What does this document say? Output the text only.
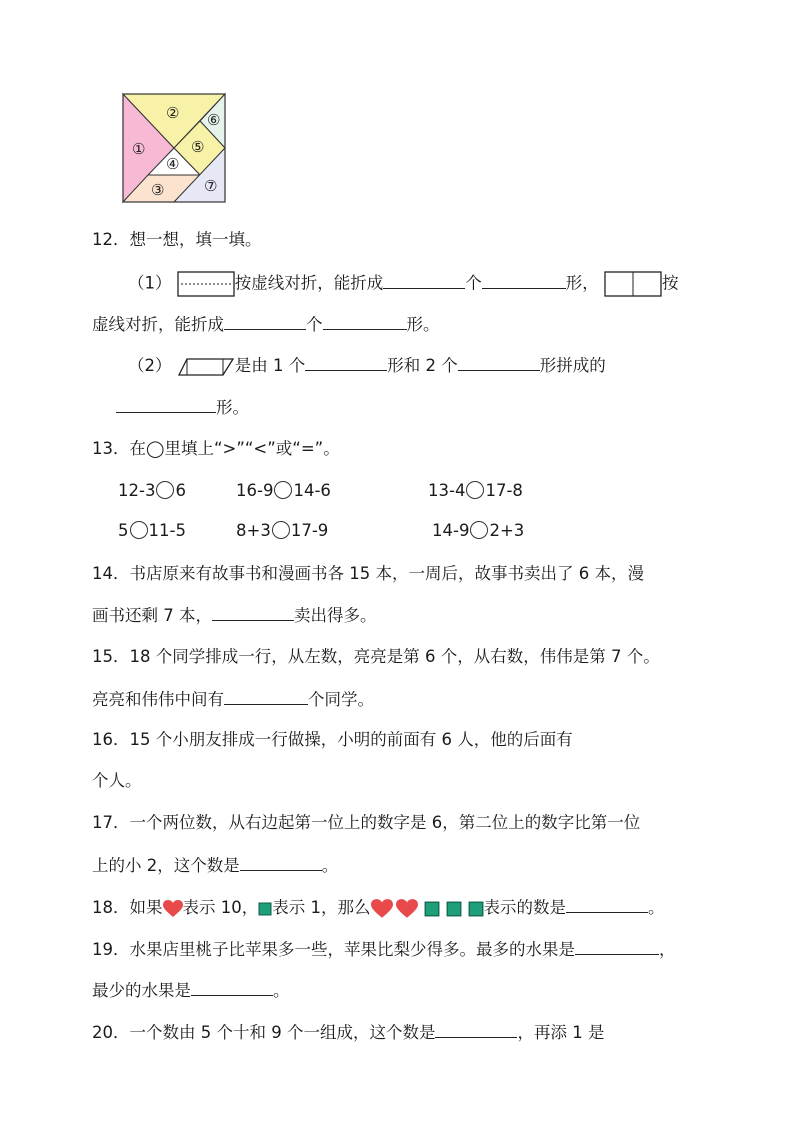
①
② ⑥
④
⑤
③	⑦
12．想一想，填一填。
（1）	按虚线对折，能折成	个	形，	按
虚线对折，能折成	个	形。
（2）	是由 1 个	形和 2 个	形拼成的
形。
13．在◯里填上“>”“<”或“=”。
12-3 6	16-9 14-6	13-4 17-8
5 11-5	8+3 17-9	14-9 2+3
14．书店原来有故事书和漫画书各 15 本，一周后，故事书卖出了 6 本，漫
画书还剩 7 本，	卖出得多。
15．18 个同学排成一行，从左数，亮亮是第 6 个，从右数，伟伟是第 7 个。
亮亮和伟伟中间有	个同学。
16．15 个小朋友排成一行做操，小明的前面有 6 人，他的后面有
个人。
17．一个两位数，从右边起第一位上的数字是 6，第二位上的数字比第一位
上的小 2，这个数是	。
18．如果 表示 10， 表示 1，那么	表示的数是	。
19．水果店里桃子比苹果多一些，苹果比梨少得多。最多的水果是	，
最少的水果是	。
20．一个数由 5 个十和 9 个一组成，这个数是	，再添 1 是
